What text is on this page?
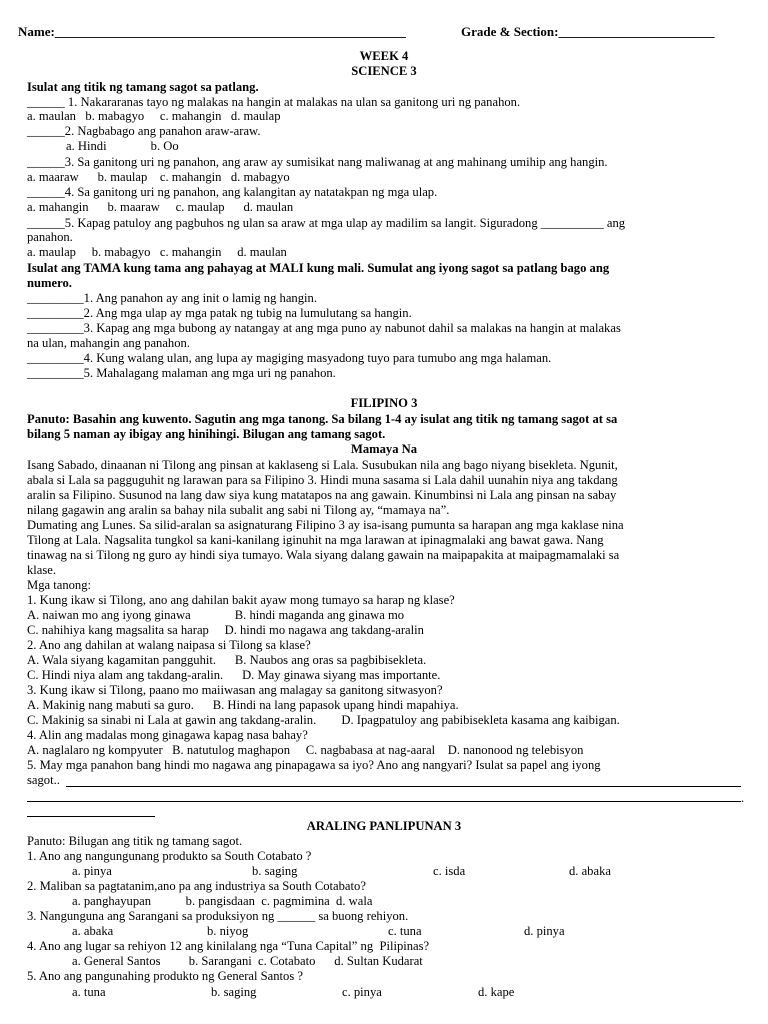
Name:______________________________________________________	Grade & Section:________________________
WEEK 4
SCIENCE 3
Isulat ang titik ng tamang sagot sa patlang.
______ 1. Nakararanas tayo ng malakas na hangin at malakas na ulan sa ganitong uri ng panahon.
a. maulan   b. mabagyo     c. mahangin   d. maulap
______2. Nagbabago ang panahon araw-araw.
a. Hindi              b. Oo
______3. Sa ganitong uri ng panahon, ang araw ay sumisikat nang maliwanag at ang mahinang umihip ang hangin.
a. maaraw      b. maulap    c. mahangin   d. mabagyo
______4. Sa ganitong uri ng panahon, ang kalangitan ay natatakpan ng mga ulap.
a. mahangin      b. maaraw     c. maulap      d. maulan
______5. Kapag patuloy ang pagbuhos ng ulan sa araw at mga ulap ay madilim sa langit. Siguradong __________ ang
panahon.
a. maulap     b. mabagyo   c. mahangin     d. maulan
Isulat ang TAMA kung tama ang pahayag at MALI kung mali. Sumulat ang iyong sagot sa patlang bago ang
numero.
_________1. Ang panahon ay ang init o lamig ng hangin.
_________2. Ang mga ulap ay mga patak ng tubig na lumulutang sa hangin.
_________3. Kapag ang mga bubong ay natangay at ang mga puno ay nabunot dahil sa malakas na hangin at malakas
na ulan, mahangin ang panahon.
_________4. Kung walang ulan, ang lupa ay magiging masyadong tuyo para tumubo ang mga halaman.
_________5. Mahalagang malaman ang mga uri ng panahon.
FILIPINO 3
Panuto: Basahin ang kuwento. Sagutin ang mga tanong. Sa bilang 1-4 ay isulat ang titik ng tamang sagot at sa
bilang 5 naman ay ibigay ang hinihingi. Bilugan ang tamang sagot.
Mamaya Na
Isang Sabado, dinaanan ni Tilong ang pinsan at kaklaseng si Lala. Susubukan nila ang bago niyang bisekleta. Ngunit,
abala si Lala sa pagguguhit ng larawan para sa Filipino 3. Hindi muna sasama si Lala dahil uunahin niya ang takdang
aralin sa Filipino. Susunod na lang daw siya kung matatapos na ang gawain. Kinumbinsi ni Lala ang pinsan na sabay
nilang gagawin ang aralin sa bahay nila subalit ang sabi ni Tilong ay, “mamaya na”.
Dumating ang Lunes. Sa silid-aralan sa asignaturang Filipino 3 ay isa-isang pumunta sa harapan ang mga kaklase nina
Tilong at Lala. Nagsalita tungkol sa kani-kanilang iginuhit na mga larawan at ipinagmalaki ang bawat gawa. Nang
tinawag na si Tilong ng guro ay hindi siya tumayo. Wala siyang dalang gawain na maipapakita at maipagmamalaki sa
klase.
Mga tanong:
1. Kung ikaw si Tilong, ano ang dahilan bakit ayaw mong tumayo sa harap ng klase?
A. naiwan mo ang iyong ginawa              B. hindi maganda ang ginawa mo
C. nahihiya kang magsalita sa harap     D. hindi mo nagawa ang takdang-aralin
2. Ano ang dahilan at walang naipasa si Tilong sa klase?
A. Wala siyang kagamitan pangguhit.      B. Naubos ang oras sa pagbibisekleta.
C. Hindi niya alam ang takdang-aralin.      D. May ginawa siyang mas importante.
3. Kung ikaw si Tilong, paano mo maiiwasan ang malagay sa ganitong sitwasyon?
A. Makinig nang mabuti sa guro.      B. Hindi na lang papasok upang hindi mapahiya.
C. Makinig sa sinabi ni Lala at gawin ang takdang-aralin.        D. Ipagpatuloy ang pabibisekleta kasama ang kaibigan.
4. Alin ang madalas mong ginagawa kapag nasa bahay?
A. naglalaro ng kompyuter   B. natutulog maghapon     C. nagbabasa at nag-aaral    D. nanonood ng telebisyon
5. May mga panahon bang hindi mo nagawa ang pinapagawa sa iyo? Ano ang nangyari? Isulat sa papel ang iyong
sagot..
.
ARALING PANLIPUNAN 3
Panuto: Bilugan ang titik ng tamang sagot.
1. Ano ang nangungunang produkto sa South Cotabato ?
a. pinya	b. saging	c. isda	d. abaka
2. Maliban sa pagtatanim,ano pa ang industriya sa South Cotabato?
a. panghayupan           b. pangisdaan  c. pagmimina  d. wala
3. Nangunguna ang Sarangani sa produksiyon ng ______ sa buong rehiyon.
a. abaka	b. niyog	c. tuna	d. pinya
4. Ano ang lugar sa rehiyon 12 ang kinilalang nga “Tuna Capital” ng  Pilipinas?
a. General Santos         b. Sarangani  c. Cotabato      d. Sultan Kudarat
5. Ano ang pangunahing produkto ng General Santos ?
a. tuna	b. saging	c. pinya	d. kape
